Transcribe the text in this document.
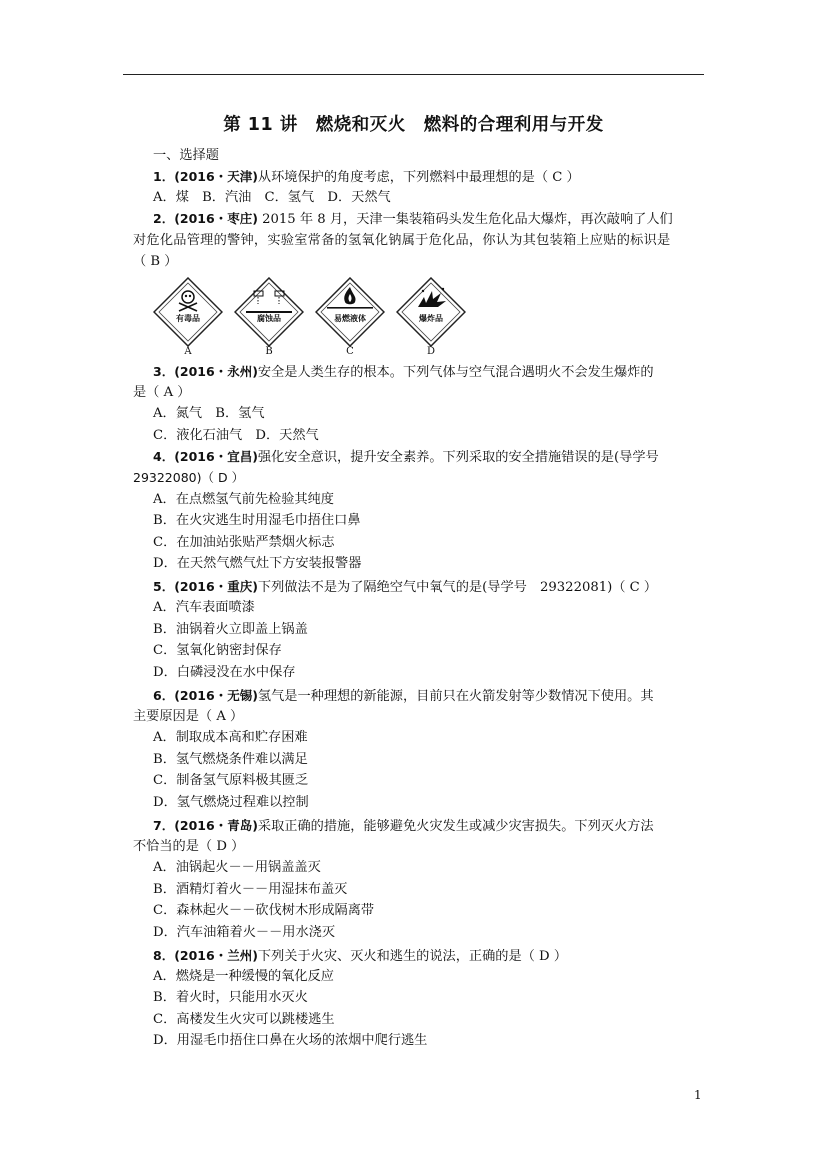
第 11 讲　燃烧和灭火　燃料的合理利用与开发
一、选择题
1．(2016・天津)从环境保护的角度考虑，下列燃料中最理想的是（ C ）
A．煤　B．汽油　C．氢气　D．天然气
2．(2016・枣庄) 2015 年 8 月，天津一集装箱码头发生危化品大爆炸，再次敲响了人们
对危化品管理的警钟，实验室常备的氢氧化钠属于危化品，你认为其包装箱上应贴的标识是
（ B ）
有毒品
A
腐蚀品
B
易燃液体
C
爆炸品
D
3．(2016・永州)安全是人类生存的根本。下列气体与空气混合遇明火不会发生爆炸的
是（ A ）
A．氮气　B．氢气
C．液化石油气　D．天然气
4．(2016・宜昌)强化安全意识，提升安全素养。下列采取的安全措施错误的是(导学号
29322080)（ D ）
A．在点燃氢气前先检验其纯度
B．在火灾逃生时用湿毛巾捂住口鼻
C．在加油站张贴严禁烟火标志
D．在天然气燃气灶下方安装报警器
5．(2016・重庆)下列做法不是为了隔绝空气中氧气的是(导学号　29322081)（ C ）
A．汽车表面喷漆
B．油锅着火立即盖上锅盖
C．氢氧化钠密封保存
D．白磷浸没在水中保存
6．(2016・无锡)氢气是一种理想的新能源，目前只在火箭发射等少数情况下使用。其
主要原因是（ A ）
A．制取成本高和贮存困难
B．氢气燃烧条件难以满足
C．制备氢气原料极其匮乏
D．氢气燃烧过程难以控制
7．(2016・青岛)采取正确的措施，能够避免火灾发生或减少灾害损失。下列灭火方法
不恰当的是（ D ）
A．油锅起火－－用锅盖盖灭
B．酒精灯着火－－用湿抹布盖灭
C．森林起火－－砍伐树木形成隔离带
D．汽车油箱着火－－用水浇灭
8．(2016・兰州)下列关于火灾、灭火和逃生的说法，正确的是（ D ）
A．燃烧是一种缓慢的氧化反应
B．着火时，只能用水灭火
C．高楼发生火灾可以跳楼逃生
D．用湿毛巾捂住口鼻在火场的浓烟中爬行逃生
1
